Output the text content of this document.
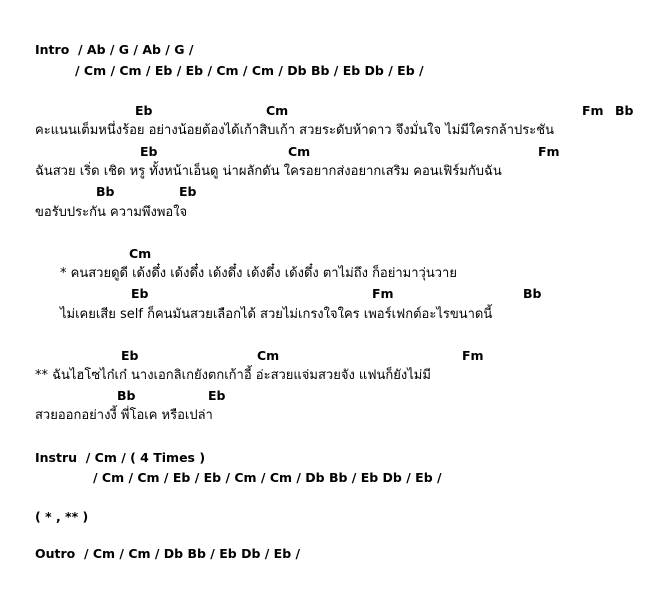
Intro  / Ab / G / Ab / G /
/ Cm / Cm / Eb / Eb / Cm / Cm / Db Bb / Eb Db / Eb /
Eb	Cm	Fm Bb
คะแนนเต็มหนึ่งร้อย อย่างน้อยต้องได้เก้าสิบเก้า สวยระดับห้าดาว จึงมั่นใจ ไม่มีใครกล้าประชัน
Eb	Cm	Fm
ฉันสวย เริ่ด เชิด หรู ทั้งหน้าเอ็นดู น่าผลักดัน ใครอยากส่งอยากเสริม คอนเฟิร์มกับฉัน
Bb	Eb
ขอรับประกัน ความพึงพอใจ
Cm
* คนสวยดูดี เด้งดึ๋ง เด้งดึ๋ง เด้งดึ๋ง เด้งดึ๋ง เด้งดึ๋ง ตาไม่ถึง ก็อย่ามาวุ่นวาย
Eb	Fm	Bb
ไม่เคยเสีย self ก็คนมันสวยเลือกได้ สวยไม่เกรงใจใคร เพอร์เฟกต์อะไรขนาดนี้
Eb	Cm	Fm
** ฉันไฮโซไก๋เก๋ นางเอกลิเกยังตกเก้าอี้ อ่ะสวยแจ่มสวยจัง แฟนก็ยังไม่มี
Bb	Eb
สวยออกอย่างงี้ พี่โอเค หรือเปล่า
Instru  / Cm / ( 4 Times )
/ Cm / Cm / Eb / Eb / Cm / Cm / Db Bb / Eb Db / Eb /
( * , ** )
Outro  / Cm / Cm / Db Bb / Eb Db / Eb /
